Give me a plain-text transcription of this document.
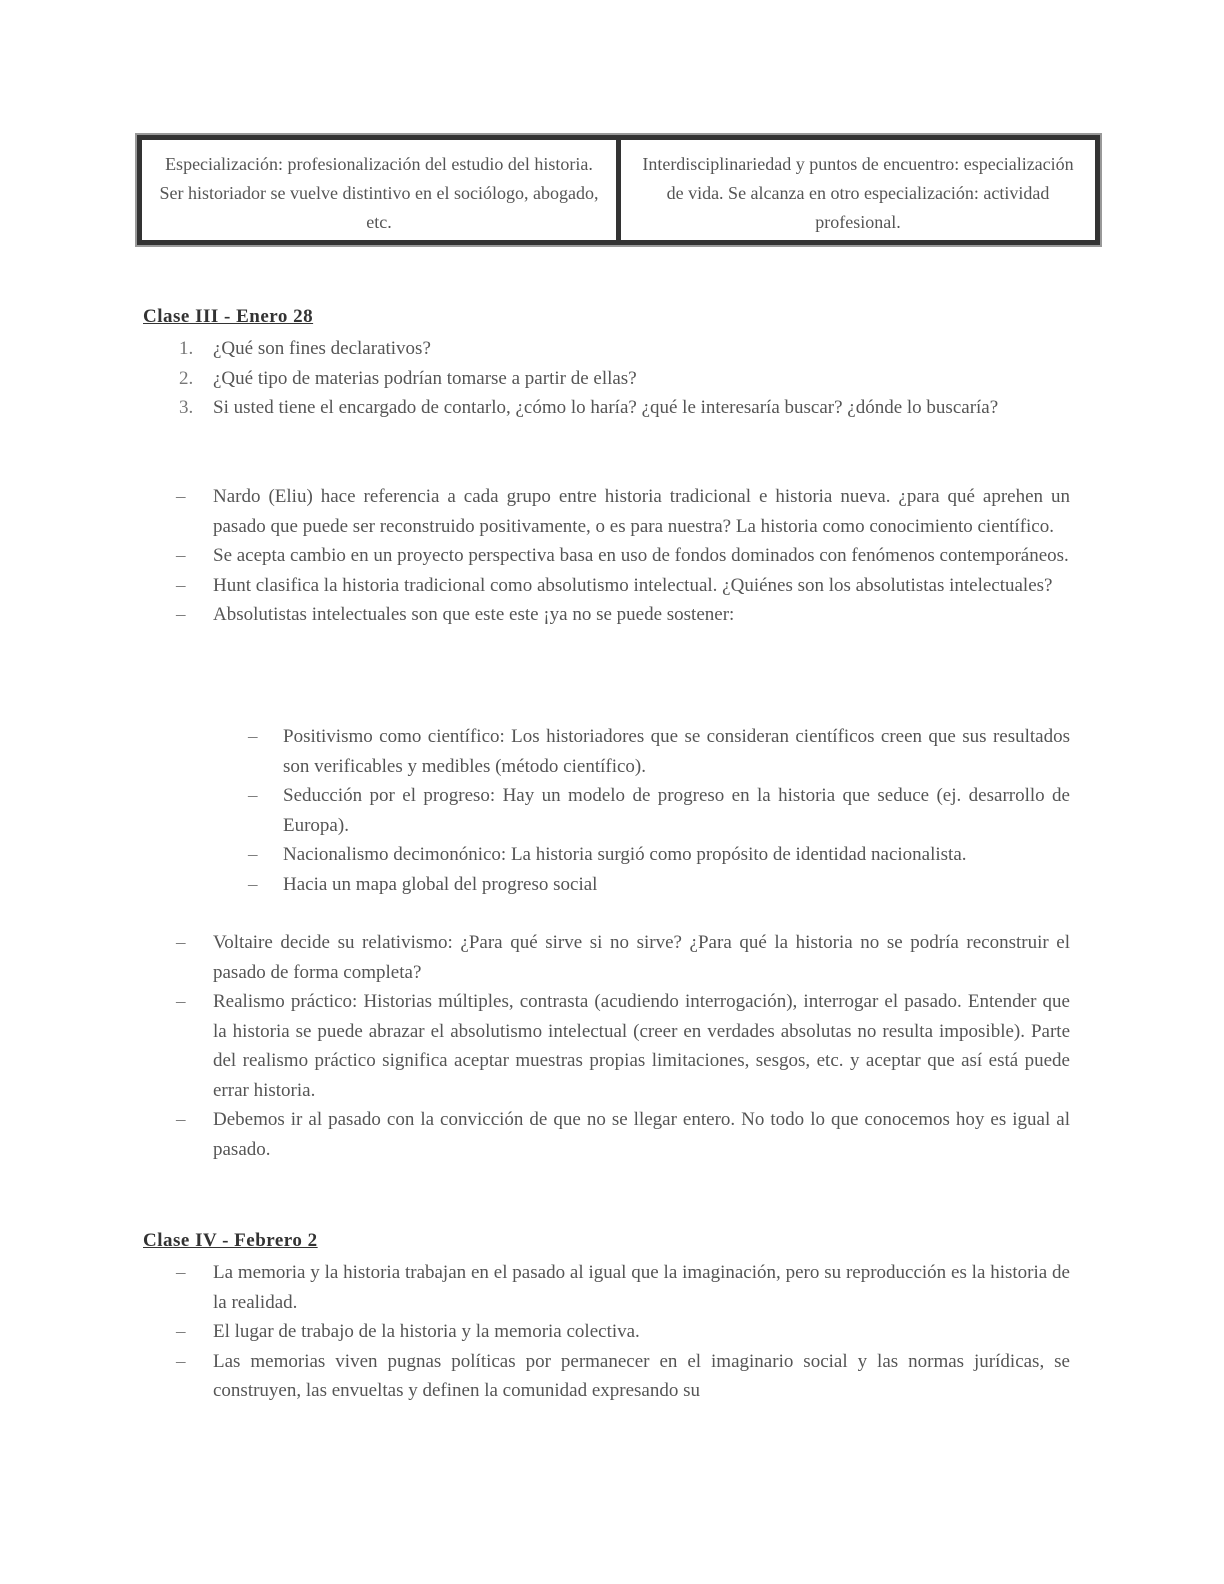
Especialización: profesionalización del estudio del historia. Ser historiador se vuelve distintivo en el sociólogo, abogado, etc.
Interdisciplinariedad y puntos de encuentro: especialización de vida. Se alcanza en otro especialización: actividad profesional.
Clase III - Enero 28
1. ¿Qué son fines declarativos?
2. ¿Qué tipo de materias podrían tomarse a partir de ellas?
3. Si usted tiene el encargado de contarlo, ¿cómo lo haría? ¿qué le interesaría buscar? ¿dónde lo buscaría?
– Nardo (Eliu) hace referencia a cada grupo entre historia tradicional e historia nueva. ¿para qué aprehen un pasado que puede ser reconstruido positivamente, o es para nuestra? La historia como conocimiento científico.
– Se acepta cambio en un proyecto perspectiva basa en uso de fondos dominados con fenómenos contemporáneos.
– Hunt clasifica la historia tradicional como absolutismo intelectual. ¿Quiénes son los absolutistas intelectuales?
– Absolutistas intelectuales son que este este ¡ya no se puede sostener:
– Positivismo como científico: Los historiadores que se consideran científicos creen que sus resultados son verificables y medibles (método científico).
– Seducción por el progreso: Hay un modelo de progreso en la historia que seduce (ej. desarrollo de Europa).
– Nacionalismo decimonónico: La historia surgió como propósito de identidad nacionalista.
– Hacia un mapa global del progreso social
– Voltaire decide su relativismo: ¿Para qué sirve si no sirve? ¿Para qué la historia no se podría reconstruir el pasado de forma completa?
– Realismo práctico: Historias múltiples, contrasta (acudiendo interrogación), interrogar el pasado. Entender que la historia se puede abrazar el absolutismo intelectual (creer en verdades absolutas no resulta imposible). Parte del realismo práctico significa aceptar muestras propias limitaciones, sesgos, etc. y aceptar que así está puede errar historia.
– Debemos ir al pasado con la convicción de que no se llegar entero. No todo lo que conocemos hoy es igual al pasado.
Clase IV - Febrero 2
– La memoria y la historia trabajan en el pasado al igual que la imaginación, pero su reproducción es la historia de la realidad.
– El lugar de trabajo de la historia y la memoria colectiva.
– Las memorias viven pugnas políticas por permanecer en el imaginario social y las normas jurídicas, se construyen, las envueltas y definen la comunidad expresando su
